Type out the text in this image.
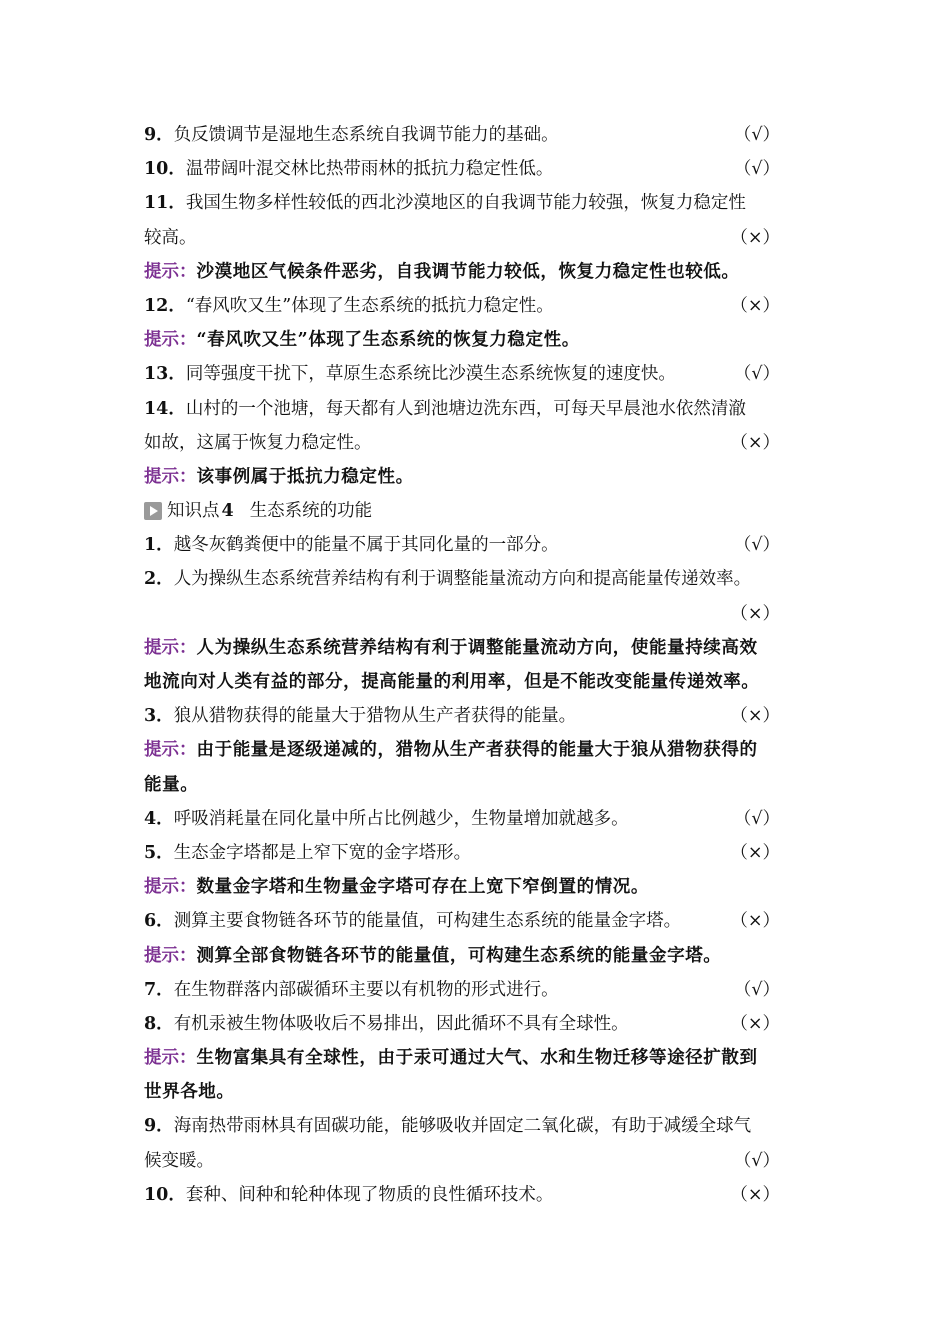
9．负反馈调节是湿地生态系统自我调节能力的基础。	（√）
10．温带阔叶混交林比热带雨林的抵抗力稳定性低。	（√）
11．我国生物多样性较低的西北沙漠地区的自我调节能力较强，恢复力稳定性
较高。	（×）
提示：沙漠地区气候条件恶劣，自我调节能力较低，恢复力稳定性也较低。
12．“春风吹又生”体现了生态系统的抵抗力稳定性。	（×）
提示：“春风吹又生”体现了生态系统的恢复力稳定性。
13．同等强度干扰下，草原生态系统比沙漠生态系统恢复的速度快。	（√）
14．山村的一个池塘，每天都有人到池塘边洗东西，可每天早晨池水依然清澈
如故，这属于恢复力稳定性。	（×）
提示：该事例属于抵抗力稳定性。
知识点 4 生态系统的功能
1．越冬灰鹤粪便中的能量不属于其同化量的一部分。	（√）
2．人为操纵生态系统营养结构有利于调整能量流动方向和提高能量传递效率。
（×）
提示：人为操纵生态系统营养结构有利于调整能量流动方向，使能量持续高效
地流向对人类有益的部分，提高能量的利用率，但是不能改变能量传递效率。
3．狼从猎物获得的能量大于猎物从生产者获得的能量。	（×）
提示：由于能量是逐级递减的，猎物从生产者获得的能量大于狼从猎物获得的
能量。
4．呼吸消耗量在同化量中所占比例越少，生物量增加就越多。	（√）
5．生态金字塔都是上窄下宽的金字塔形。	（×）
提示：数量金字塔和生物量金字塔可存在上宽下窄倒置的情况。
6．测算主要食物链各环节的能量值，可构建生态系统的能量金字塔。	（×）
提示：测算全部食物链各环节的能量值，可构建生态系统的能量金字塔。
7．在生物群落内部碳循环主要以有机物的形式进行。	（√）
8．有机汞被生物体吸收后不易排出，因此循环不具有全球性。	（×）
提示：生物富集具有全球性，由于汞可通过大气、水和生物迁移等途径扩散到
世界各地。
9．海南热带雨林具有固碳功能，能够吸收并固定二氧化碳，有助于减缓全球气
候变暖。	（√）
10．套种、间种和轮种体现了物质的良性循环技术。	（×）
